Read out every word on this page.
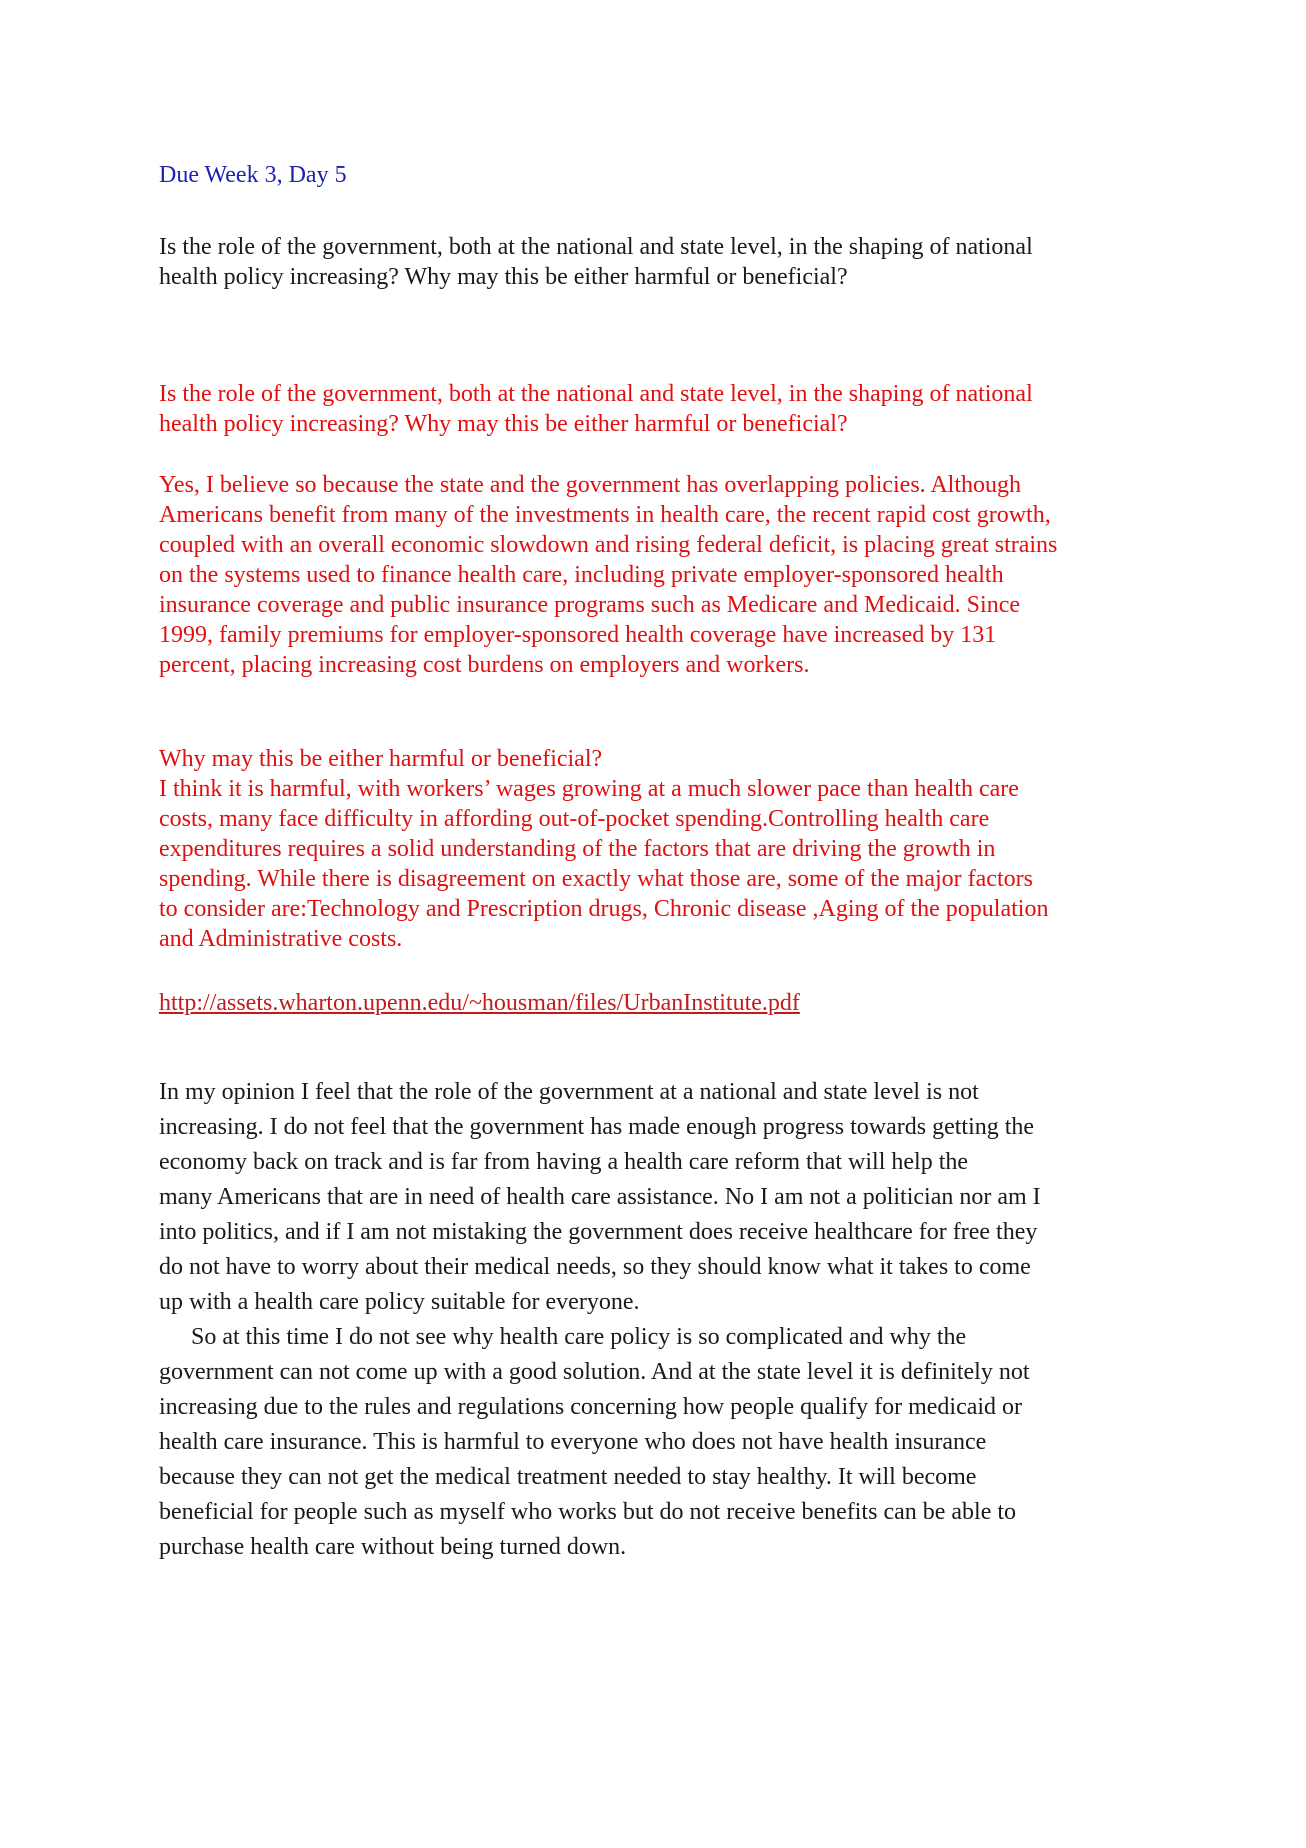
Due Week 3, Day 5

Is the role of the government, both at the national and state level, in the shaping of national
health policy increasing? Why may this be either harmful or beneficial?

Is the role of the government, both at the national and state level, in the shaping of national
health policy increasing? Why may this be either harmful or beneficial?

Yes, I believe so because the state and the government has overlapping policies. Although
Americans benefit from many of the investments in health care, the recent rapid cost growth,
coupled with an overall economic slowdown and rising federal deficit, is placing great strains
on the systems used to finance health care, including private employer-sponsored health
insurance coverage and public insurance programs such as Medicare and Medicaid. Since
1999, family premiums for employer-sponsored health coverage have increased by 131
percent, placing increasing cost burdens on employers and workers.

Why may this be either harmful or beneficial?
I think it is harmful, with workers’ wages growing at a much slower pace than health care
costs, many face difficulty in affording out-of-pocket spending.Controlling health care
expenditures requires a solid understanding of the factors that are driving the growth in
spending. While there is disagreement on exactly what those are, some of the major factors
to consider are:Technology and Prescription drugs, Chronic disease ,Aging of the population
and Administrative costs.

http://assets.wharton.upenn.edu/~housman/files/UrbanInstitute.pdf

In my opinion I feel that the role of the government at a national and state level is not
increasing. I do not feel that the government has made enough progress towards getting the
economy back on track and is far from having a health care reform that will help the
many Americans that are in need of health care assistance. No I am not a politician nor am I
into politics, and if I am not mistaking the government does receive healthcare for free they
do not have to worry about their medical needs, so they should know what it takes to come
up with a health care policy suitable for everyone.

So at this time I do not see why health care policy is so complicated and why the
government can not come up with a good solution. And at the state level it is definitely not
increasing due to the rules and regulations concerning how people qualify for medicaid or
health care insurance. This is harmful to everyone who does not have health insurance
because they can not get the medical treatment needed to stay healthy. It will become
beneficial for people such as myself who works but do not receive benefits can be able to
purchase health care without being turned down.
